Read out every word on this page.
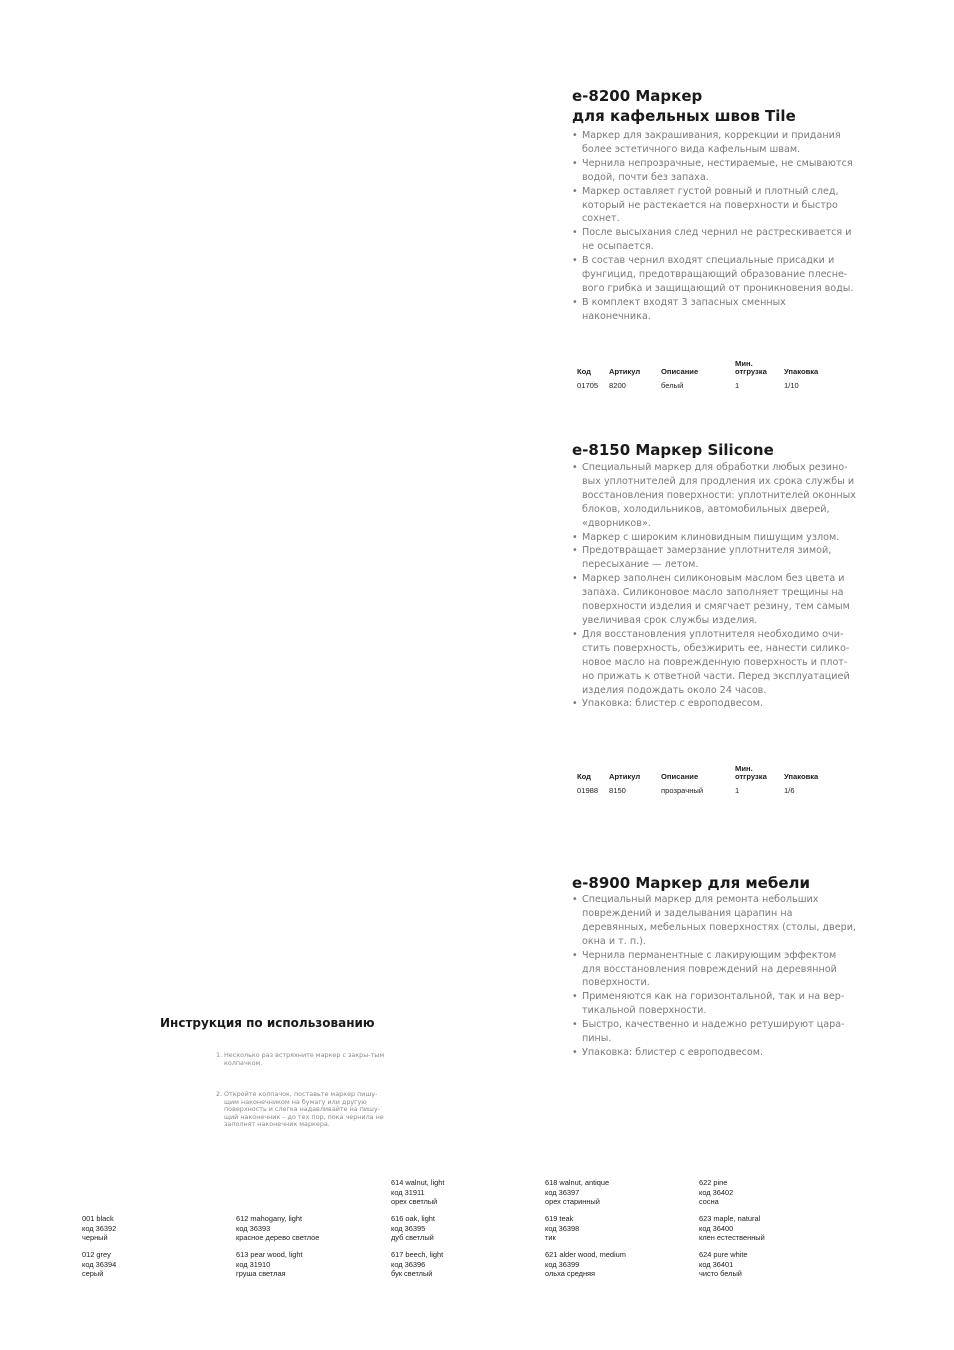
e-8200 Маркер
для кафельных швов Tile
• Маркер для закрашивания, коррекции и придания более эстетичного вида кафельным швам.
• Чернила непрозрачные, нестираемые, не смываются водой, почти без запаха.
• Маркер оставляет густой ровный и плотный след, который не растекается на поверхности и быстро сохнет.
• После высыхания след чернил не растрескивается и не осыпается.
• В состав чернил входят специальные присадки и фунгицид, предотвращающий образование плесне-вого грибка и защищающий от проникновения воды.
• В комплект входят 3 запасных сменных наконечника.
Код	Артикул	Описание	Мин. отгрузка	Упаковка
01705	8200	белый	1	1/10
e-8150 Маркер Silicone
• Специальный маркер для обработки любых резино-вых уплотнителей для продления их срока службы и восстановления поверхности: уплотнителей оконных блоков, холодильников, автомобильных дверей, «дворников».
• Маркер с широким клиновидным пишущим узлом.
• Предотвращает замерзание уплотнителя зимой, пересыхание — летом.
• Маркер заполнен силиконовым маслом без цвета и запаха. Силиконовое масло заполняет трещины на поверхности изделия и смягчает резину, тем самым увеличивая срок службы изделия.
• Для восстановления уплотнителя необходимо очи-стить поверхность, обезжирить ее, нанести силико-новое масло на поврежденную поверхность и плот-но прижать к ответной части. Перед эксплуатацией изделия подождать около 24 часов.
• Упаковка: блистер с европодвесом.
Код	Артикул	Описание	Мин. отгрузка	Упаковка
01988	8150	прозрачный	1	1/6
e-8900 Маркер для мебели
• Специальный маркер для ремонта небольших повреждений и заделывания царапин на деревянных, мебельных поверхностях (столы, двери, окна и т. п.).
• Чернила перманентные с лакирующим эффектом для восстановления повреждений на деревянной поверхности.
• Применяются как на горизонтальной, так и на вер-тикальной поверхности.
• Быстро, качественно и надежно ретушируют цара-пины.
• Упаковка: блистер с европодвесом.
Инструкция по использованию
1. Несколько раз встряхните маркер с закры-тым колпачком.
2. Откройте колпачок, поставьте маркер пишу-щим наконечником на бумагу или другую поверхность и слегка надавливайте на пишу-щий наконечник – до тех пор, пока чернила не заполнят наконечник маркера.
614 walnut, light
код 31911
орех светлый
618 walnut, antique
код 36397
орех старинный
622 pine
код 36402
сосна
001 black
код 36392
черный
612 mahogany, light
код 36393
красное дерево светлое
616 oak, light
код 36395
дуб светлый
619 teak
код 36398
тик
623 maple, natural
код 36400
клен естественный
012 grey
код 36394
серый
613 pear wood, light
код 31910
груша светлая
617 beech, light
код 36396
бук светлый
621 alder wood, medium
код 36399
ольха средняя
624 pure white
код 36401
чисто белый
